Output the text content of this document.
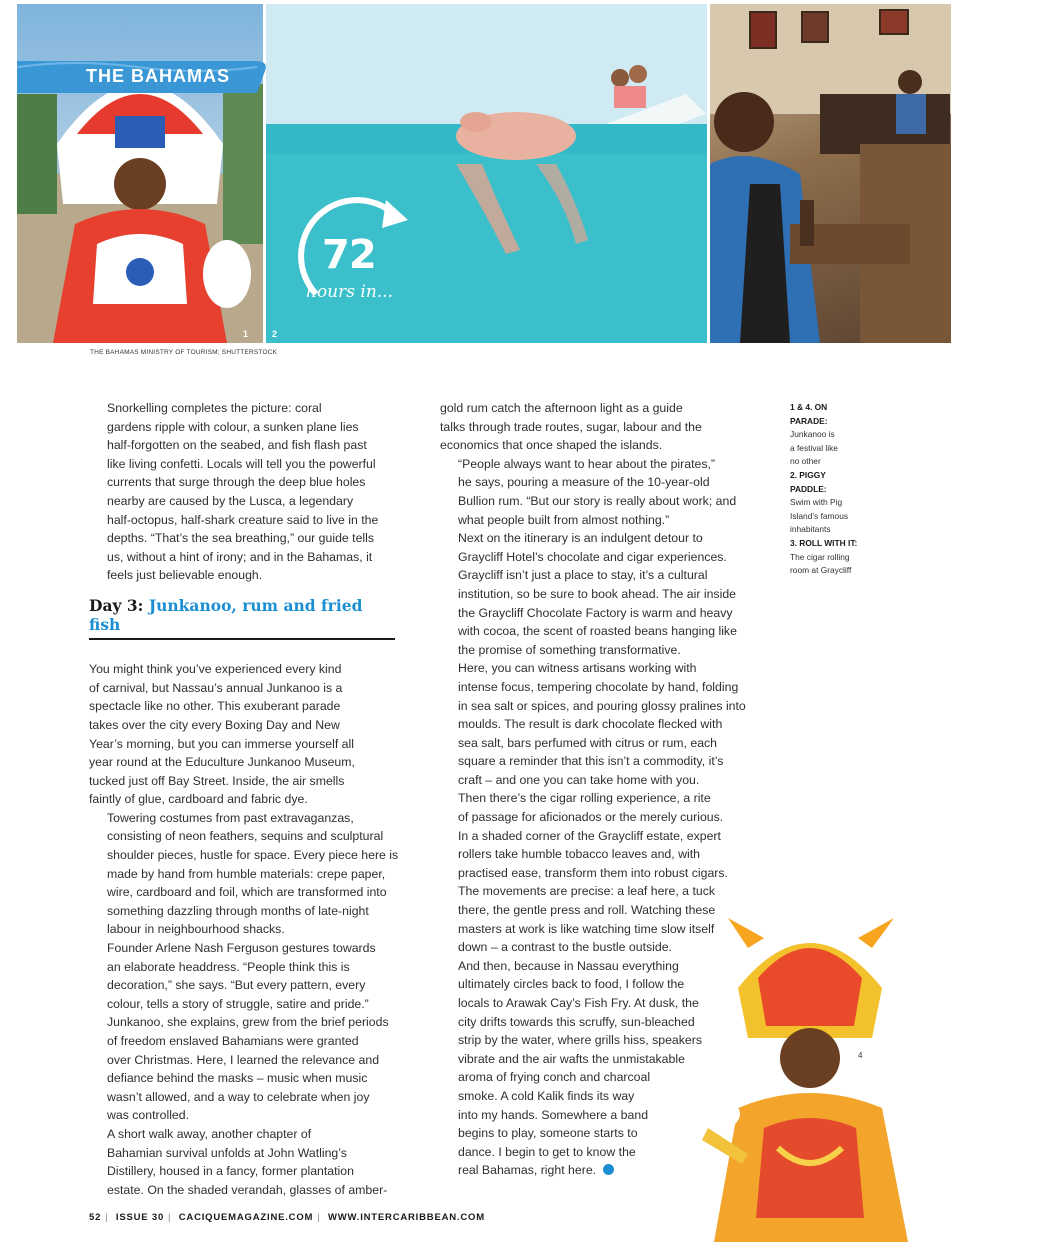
1	2
THE BAHAMAS
72
hours in...
THE BAHAMAS MINISTRY OF TOURISM; SHUTTERSTOCK

Snorkelling completes the picture: coral
gardens ripple with colour, a sunken plane lies
half-forgotten on the seabed, and fish flash past
like living confetti. Locals will tell you the powerful
currents that surge through the deep blue holes
nearby are caused by the Lusca, a legendary
half-octopus, half-shark creature said to live in the
depths. “That’s the sea breathing,” our guide tells
us, without a hint of irony; and in the Bahamas, it
feels just believable enough.

Day 3: Junkanoo, rum and fried fish

You might think you’ve experienced every kind
of carnival, but Nassau’s annual Junkanoo is a
spectacle like no other. This exuberant parade
takes over the city every Boxing Day and New
Year’s morning, but you can immerse yourself all
year round at the Educulture Junkanoo Museum,
tucked just off Bay Street. Inside, the air smells
faintly of glue, cardboard and fabric dye.

Towering costumes from past extravaganzas,
consisting of neon feathers, sequins and sculptural
shoulder pieces, hustle for space. Every piece here is
made by hand from humble materials: crepe paper,
wire, cardboard and foil, which are transformed into
something dazzling through months of late-night
labour in neighbourhood shacks.

Founder Arlene Nash Ferguson gestures towards
an elaborate headdress. “People think this is
decoration,” she says. “But every pattern, every
colour, tells a story of struggle, satire and pride.”
Junkanoo, she explains, grew from the brief periods
of freedom enslaved Bahamians were granted
over Christmas. Here, I learned the relevance and
defiance behind the masks – music when music
wasn’t allowed, and a way to celebrate when joy
was controlled.

A short walk away, another chapter of
Bahamian survival unfolds at John Watling’s
Distillery, housed in a fancy, former plantation
estate. On the shaded verandah, glasses of amber-

gold rum catch the afternoon light as a guide
talks through trade routes, sugar, labour and the
economics that once shaped the islands.

“People always want to hear about the pirates,”
he says, pouring a measure of the 10-year-old
Bullion rum. “But our story is really about work; and
what people built from almost nothing.”

Next on the itinerary is an indulgent detour to
Graycliff Hotel’s chocolate and cigar experiences.
Graycliff isn’t just a place to stay, it’s a cultural
institution, so be sure to book ahead. The air inside
the Graycliff Chocolate Factory is warm and heavy
with cocoa, the scent of roasted beans hanging like
the promise of something transformative.

Here, you can witness artisans working with
intense focus, tempering chocolate by hand, folding
in sea salt or spices, and pouring glossy pralines into
moulds. The result is dark chocolate flecked with
sea salt, bars perfumed with citrus or rum, each
square a reminder that this isn’t a commodity, it’s
craft – and one you can take home with you.

Then there’s the cigar rolling experience, a rite
of passage for aficionados or the merely curious.
In a shaded corner of the Graycliff estate, expert
rollers take humble tobacco leaves and, with
practised ease, transform them into robust cigars.
The movements are precise: a leaf here, a tuck
there, the gentle press and roll. Watching these
masters at work is like watching time slow itself
down – a contrast to the bustle outside.

And then, because in Nassau everything
ultimately circles back to food, I follow the
locals to Arawak Cay’s Fish Fry. At dusk, the
city drifts towards this scruffy, sun-bleached
strip by the water, where grills hiss, speakers
vibrate and the air wafts the unmistakable
aroma of frying conch and charcoal
smoke. A cold Kalik finds its way
into my hands. Somewhere a band
begins to play, someone starts to
dance. I begin to get to know the
real Bahamas, right here.

1 & 4. ON
PARADE:
Junkanoo is
a festival like
no other
2. PIGGY
PADDLE:
Swim with Pig
Island’s famous
inhabitants
3. ROLL WITH IT:
The cigar rolling
room at Graycliff
4
52 | ISSUE 30 | CACIQUEMAGAZINE.COM | WWW.INTERCARIBBEAN.COM
